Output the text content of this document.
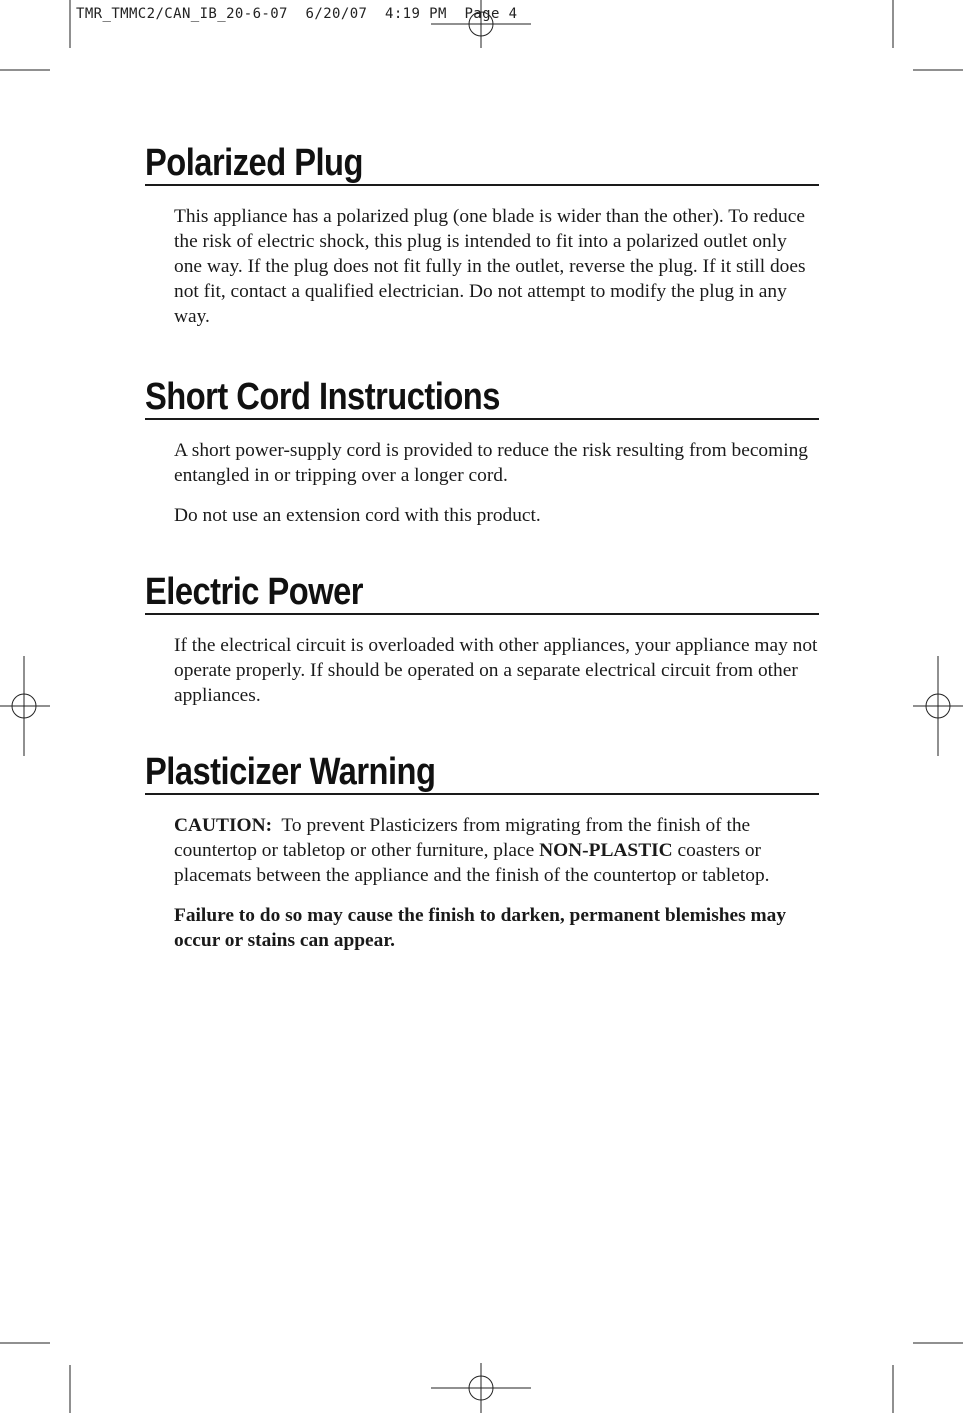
TMR_TMMC2/CAN_IB_20-6-07  6/20/07  4:19 PM  Page 4
Polarized Plug

This appliance has a polarized plug (one blade is wider than the other). To reduce the risk of electric shock, this plug is intended to fit into a polarized outlet only one way. If the plug does not fit fully in the outlet, reverse the plug. If it still does not fit, contact a qualified electrician. Do not attempt to modify the plug in any way.

Short Cord Instructions

A short power-supply cord is provided to reduce the risk resulting from becoming entangled in or tripping over a longer cord.

Do not use an extension cord with this product.

Electric Power

If the electrical circuit is overloaded with other appliances, your appliance may not operate properly. If should be operated on a separate electrical circuit from other appliances.

Plasticizer Warning

CAUTION: To prevent Plasticizers from migrating from the finish of the countertop or tabletop or other furniture, place NON-PLASTIC coasters or placemats between the appliance and the finish of the countertop or tabletop.

Failure to do so may cause the finish to darken, permanent blemishes may occur or stains can appear.
